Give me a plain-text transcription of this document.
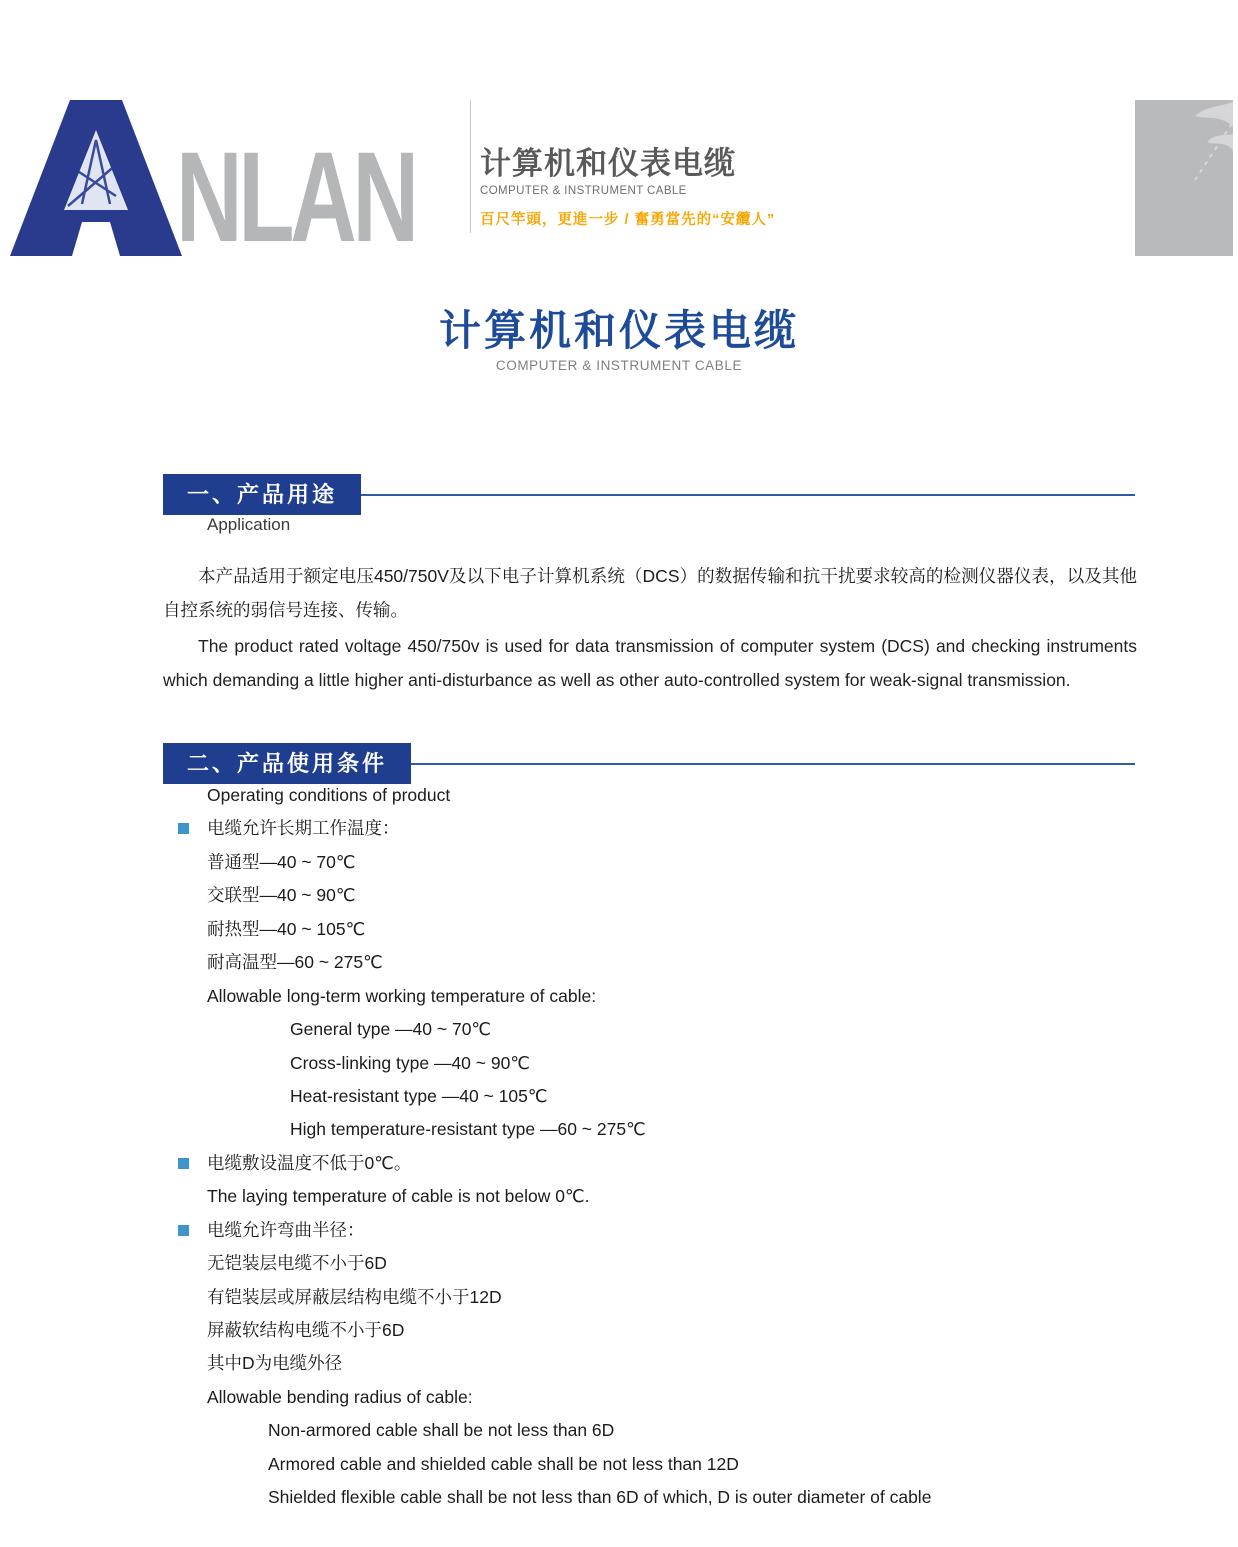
NLAN 计算机和仪表电缆
COMPUTER & INSTRUMENT CABLE
百尺竿頭，更進一步 / 奮勇當先的“安纜人”
计算机和仪表电缆
COMPUTER & INSTRUMENT CABLE
一、产品用途
Application
本产品适用于额定电压450/750V及以下电子计算机系统（DCS）的数据传输和抗干扰要求较高的检测仪器仪表，以及其他自控系统的弱信号连接、传输。
The product rated voltage 450/750v is used for data transmission of computer system (DCS) and checking instruments which demanding a little higher anti-disturbance as well as other auto-controlled system for weak-signal transmission.
二、产品使用条件
Operating conditions of product
电缆允许长期工作温度：
普通型—40 ~ 70℃
交联型—40 ~ 90℃
耐热型—40 ~ 105℃
耐高温型—60 ~ 275℃
Allowable long-term working temperature of cable:
General type —40 ~ 70℃
Cross-linking type —40 ~ 90℃
Heat-resistant type —40 ~ 105℃
High temperature-resistant type —60 ~ 275℃
电缆敷设温度不低于0℃。
The laying temperature of cable is not below 0℃.
电缆允许弯曲半径：
无铠装层电缆不小于6D
有铠装层或屏蔽层结构电缆不小于12D
屏蔽软结构电缆不小于6D
其中D为电缆外径
Allowable bending radius of cable:
Non-armored cable shall be not less than 6D
Armored cable and shielded cable shall be not less than 12D
Shielded flexible cable shall be not less than 6D of which, D is outer diameter of cable
